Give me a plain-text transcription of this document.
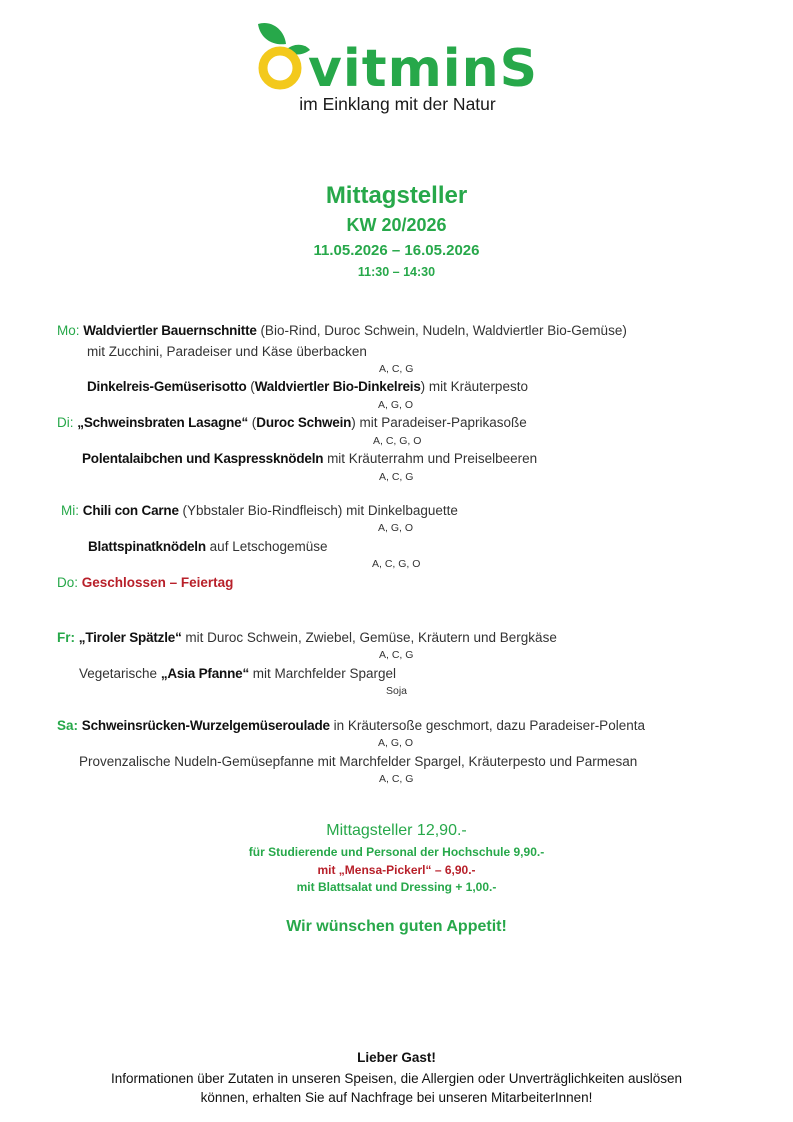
vitminS
im Einklang mit der Natur
Mittagsteller
KW 20/2026
11.05.2026 – 16.05.2026
11:30 – 14:30
Mo: Waldviertler Bauernschnitte (Bio-Rind, Duroc Schwein, Nudeln, Waldviertler Bio-Gemüse)
mit Zucchini, Paradeiser und Käse überbacken
A, C, G
Dinkelreis-Gemüserisotto (Waldviertler Bio-Dinkelreis) mit Kräuterpesto
A, G, O
Di: „Schweinsbraten Lasagne“ (Duroc Schwein) mit Paradeiser-Paprikasoße
A, C, G, O
Polentalaibchen und Kaspressknödeln mit Kräuterrahm und Preiselbeeren
A, C, G
Mi: Chili con Carne (Ybbstaler Bio-Rindfleisch) mit Dinkelbaguette
A, G, O
Blattspinatknödeln auf Letschogemüse
A, C, G, O
Do: Geschlossen – Feiertag
Fr: „Tiroler Spätzle“ mit Duroc Schwein, Zwiebel, Gemüse, Kräutern und Bergkäse
A, C, G
Vegetarische „Asia Pfanne“ mit Marchfelder Spargel
Soja
Sa: Schweinsrücken-Wurzelgemüseroulade in Kräutersoße geschmort, dazu Paradeiser-Polenta
A, G, O
Provenzalische Nudeln-Gemüsepfanne mit Marchfelder Spargel, Kräuterpesto und Parmesan
A, C, G
Mittagsteller 12,90.-
für Studierende und Personal der Hochschule 9,90.-
mit „Mensa-Pickerl“ – 6,90.-
mit Blattsalat und Dressing + 1,00.-
Wir wünschen guten Appetit!
Lieber Gast!
Informationen über Zutaten in unseren Speisen, die Allergien oder Unverträglichkeiten auslösen
können, erhalten Sie auf Nachfrage bei unseren MitarbeiterInnen!
